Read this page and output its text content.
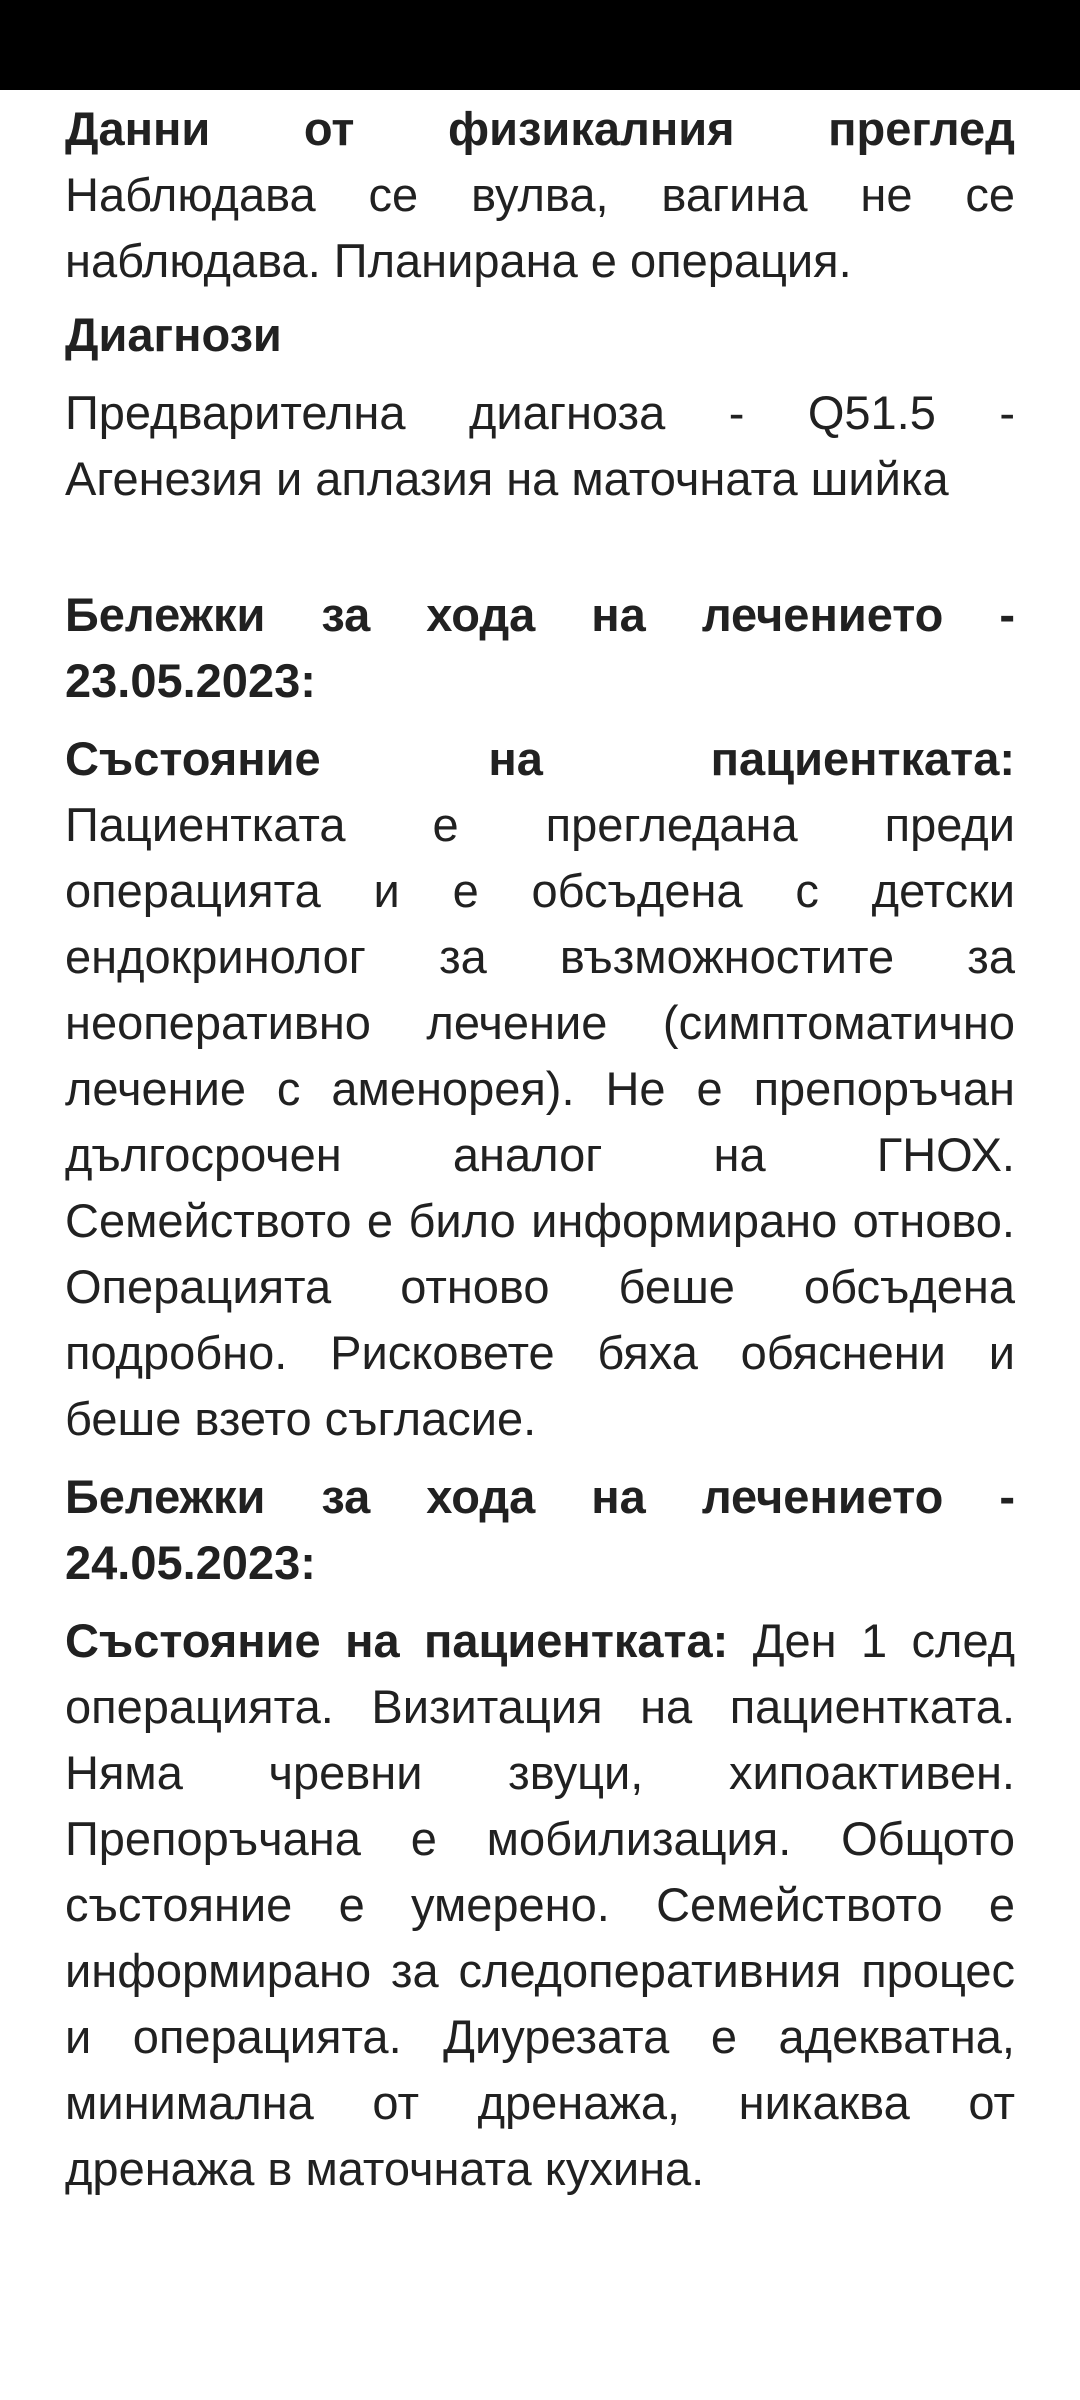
Данни от физикалния преглед
Наблюдава се вулва, вагина не се наблюдава. Планирана е операция.

Диагнози

Предварителна диагноза - Q51.5 - Агенезия и аплазия на маточната шийка

Бележки за хода на лечението - 23.05.2023:

Състояние на пациентката:
Пациентката е прегледана преди операцията и е обсъдена с детски ендокринолог за възможностите за неоперативно лечение (симптоматично лечение с аменорея). Не е препоръчан дългосрочен аналог на ГНОХ. Семейството е било информирано отново. Операцията отново беше обсъдена подробно. Рисковете бяха обяснени и беше взето съгласие.

Бележки за хода на лечението - 24.05.2023:

Състояние на пациентката: Ден 1 след операцията. Визитация на пациентката. Няма чревни звуци, хипоактивен. Препоръчана е мобилизация. Общото състояние е умерено. Семейството е информирано за следоперативния процес и операцията. Диурезата е адекватна, минимална от дренажа, никаква от дренажа в маточната кухина.
